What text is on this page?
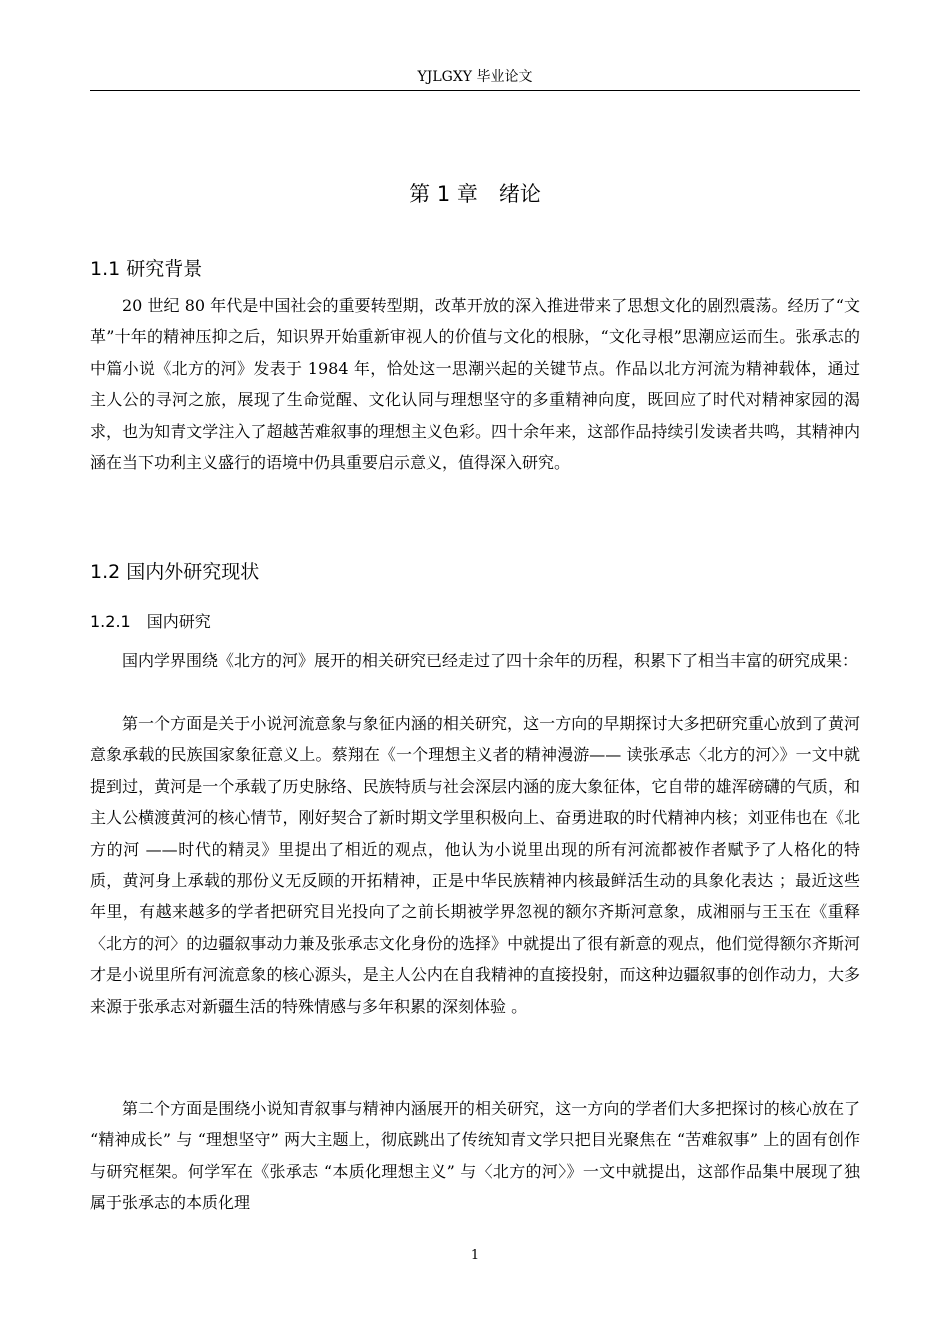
YJLGXY 毕业论文
第 1 章　绪论
1.1 研究背景
20 世纪 80 年代是中国社会的重要转型期，改革开放的深入推进带来了思想文化的剧烈震荡。经历了“文革”十年的精神压抑之后，知识界开始重新审视人的价值与文化的根脉，“文化寻根”思潮应运而生。张承志的中篇小说《北方的河》发表于 1984 年，恰处这一思潮兴起的关键节点。作品以北方河流为精神载体，通过主人公的寻河之旅，展现了生命觉醒、文化认同与理想坚守的多重精神向度，既回应了时代对精神家园的渴求，也为知青文学注入了超越苦难叙事的理想主义色彩。四十余年来，这部作品持续引发读者共鸣，其精神内涵在当下功利主义盛行的语境中仍具重要启示意义，值得深入研究。
1.2 国内外研究现状
1.2.1　国内研究
国内学界围绕《北方的河》展开的相关研究已经走过了四十余年的历程，积累下了相当丰富的研究成果：
第一个方面是关于小说河流意象与象征内涵的相关研究，这一方向的早期探讨大多把研究重心放到了黄河意象承载的民族国家象征意义上。蔡翔在《一个理想主义者的精神漫游—— 读张承志〈北方的河〉》一文中就提到过，黄河是一个承载了历史脉络、民族特质与社会深层内涵的庞大象征体，它自带的雄浑磅礴的气质，和主人公横渡黄河的核心情节，刚好契合了新时期文学里积极向上、奋勇进取的时代精神内核；刘亚伟也在《北方的河 ——时代的精灵》里提出了相近的观点，他认为小说里出现的所有河流都被作者赋予了人格化的特质，黄河身上承载的那份义无反顾的开拓精神，正是中华民族精神内核最鲜活生动的具象化表达 ；最近这些年里，有越来越多的学者把研究目光投向了之前长期被学界忽视的额尔齐斯河意象，成湘丽与王玉在《重释〈北方的河〉的边疆叙事动力兼及张承志文化身份的选择》中就提出了很有新意的观点，他们觉得额尔齐斯河才是小说里所有河流意象的核心源头，是主人公内在自我精神的直接投射，而这种边疆叙事的创作动力，大多来源于张承志对新疆生活的特殊情感与多年积累的深刻体验 。
第二个方面是围绕小说知青叙事与精神内涵展开的相关研究，这一方向的学者们大多把探讨的核心放在了 “精神成长” 与 “理想坚守” 两大主题上，彻底跳出了传统知青文学只把目光聚焦在 “苦难叙事” 上的固有创作与研究框架。何学军在《张承志 “本质化理想主义” 与〈北方的河〉》一文中就提出，这部作品集中展现了独属于张承志的本质化理
1
